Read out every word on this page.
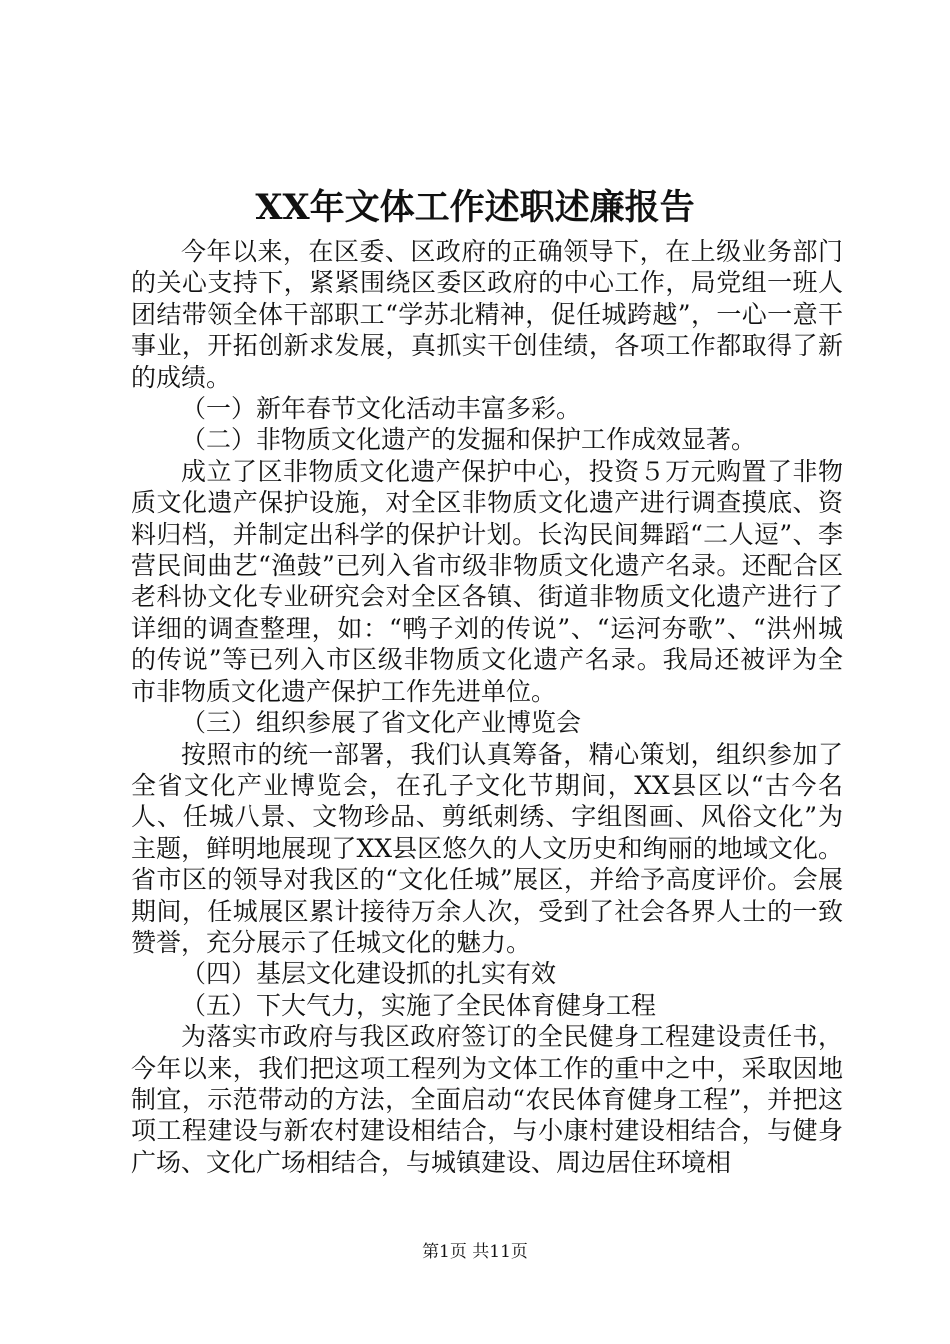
XX年文体工作述职述廉报告

今年以来，在区委、区政府的正确领导下，在上级业务部门的关心支持下，紧紧围绕区委区政府的中心工作，局党组一班人团结带领全体干部职工“学苏北精神，促任城跨越”，一心一意干事业，开拓创新求发展，真抓实干创佳绩，各项工作都取得了新的成绩。

（一）新年春节文化活动丰富多彩。

（二）非物质文化遗产的发掘和保护工作成效显著。

成立了区非物质文化遗产保护中心，投资５万元购置了非物质文化遗产保护设施，对全区非物质文化遗产进行调查摸底、资料归档，并制定出科学的保护计划。长沟民间舞蹈“二人逗”、李营民间曲艺“渔鼓”已列入省市级非物质文化遗产名录。还配合区老科协文化专业研究会对全区各镇、街道非物质文化遗产进行了详细的调查整理，如：“鸭子刘的传说”、“运河夯歌”、“洪州城的传说”等已列入市区级非物质文化遗产名录。我局还被评为全市非物质文化遗产保护工作先进单位。

（三）组织参展了省文化产业博览会

按照市的统一部署，我们认真筹备，精心策划，组织参加了全省文化产业博览会，在孔子文化节期间，XX县区以“古今名人、任城八景、文物珍品、剪纸刺绣、字组图画、风俗文化”为主题，鲜明地展现了XX县区悠久的人文历史和绚丽的地域文化。省市区的领导对我区的“文化任城”展区，并给予高度评价。会展期间，任城展区累计接待万余人次，受到了社会各界人士的一致赞誉，充分展示了任城文化的魅力。

（四）基层文化建设抓的扎实有效

（五）下大气力，实施了全民体育健身工程

为落实市政府与我区政府签订的全民健身工程建设责任书，今年以来，我们把这项工程列为文体工作的重中之中，采取因地制宜，示范带动的方法，全面启动“农民体育健身工程”，并把这项工程建设与新农村建设相结合，与小康村建设相结合，与健身广场、文化广场相结合，与城镇建设、周边居住环境相

第1页 共11页
